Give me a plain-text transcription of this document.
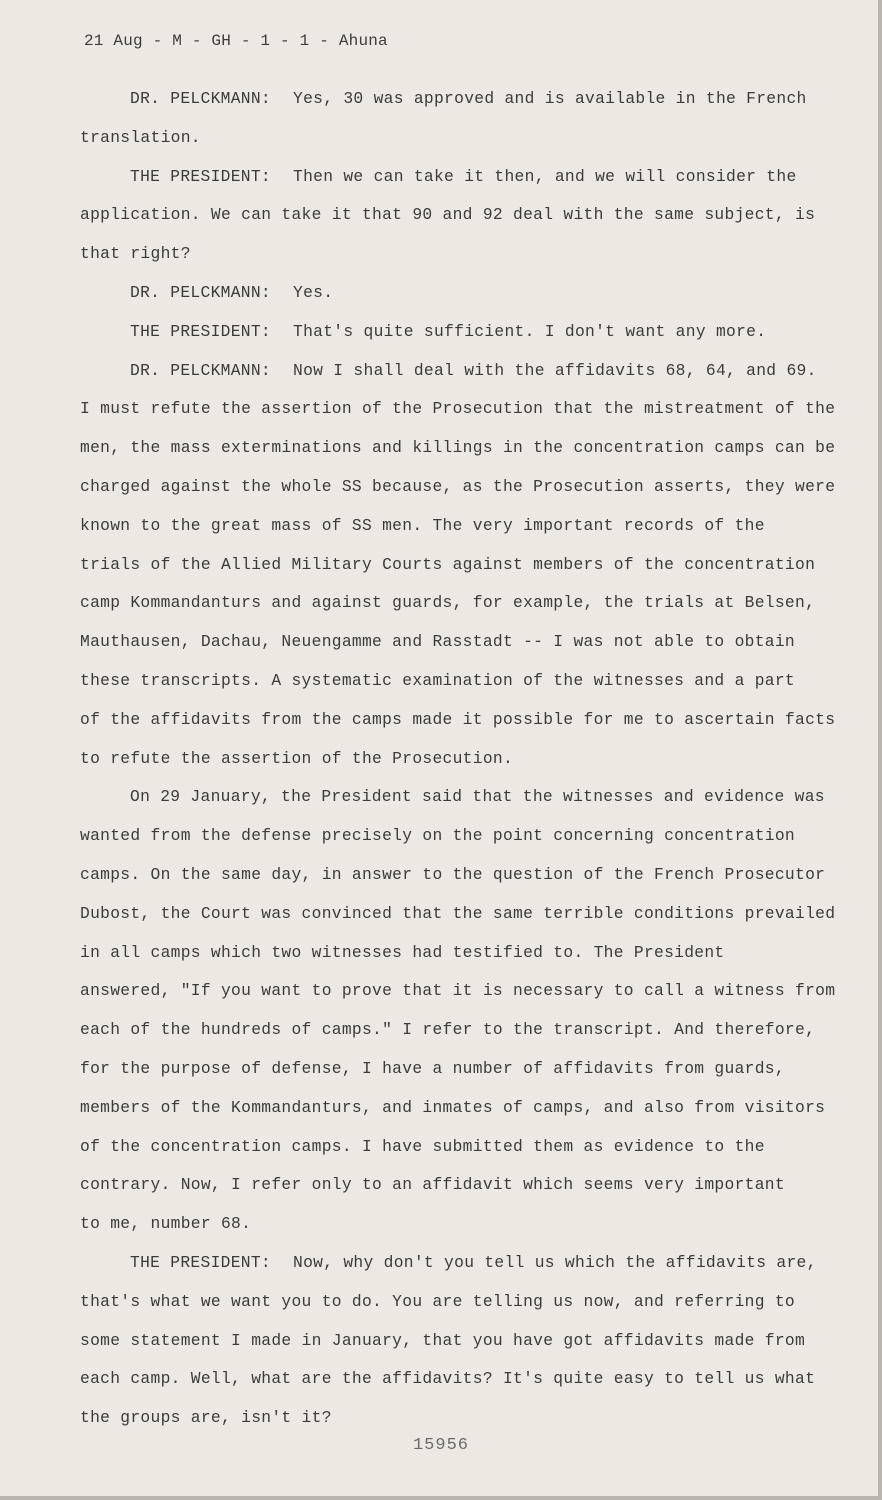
21 Aug - M - GH - 1 - 1 - Ahuna
DR. PELCKMANN: Yes, 30 was approved and is available in the French
translation.
THE PRESIDENT: Then we can take it then, and we will consider the
application. We can take it that 90 and 92 deal with the same subject, is
that right?
DR. PELCKMANN: Yes.
THE PRESIDENT: That's quite sufficient. I don't want any more.
DR. PELCKMANN: Now I shall deal with the affidavits 68, 64, and 69.
I must refute the assertion of the Prosecution that the mistreatment of the
men, the mass exterminations and killings in the concentration camps can be
charged against the whole SS because, as the Prosecution asserts, they were
known to the great mass of SS men. The very important records of the
trials of the Allied Military Courts against members of the concentration
camp Kommandanturs and against guards, for example, the trials at Belsen,
Mauthausen, Dachau, Neuengamme and Rasstadt -- I was not able to obtain
these transcripts. A systematic examination of the witnesses and a part
of the affidavits from the camps made it possible for me to ascertain facts
to refute the assertion of the Prosecution.
On 29 January, the President said that the witnesses and evidence was
wanted from the defense precisely on the point concerning concentration
camps. On the same day, in answer to the question of the French Prosecutor
Dubost, the Court was convinced that the same terrible conditions prevailed
in all camps which two witnesses had testified to. The President
answered, "If you want to prove that it is necessary to call a witness from
each of the hundreds of camps." I refer to the transcript. And therefore,
for the purpose of defense, I have a number of affidavits from guards,
members of the Kommandanturs, and inmates of camps, and also from visitors
of the concentration camps. I have submitted them as evidence to the
contrary. Now, I refer only to an affidavit which seems very important
to me, number 68.
THE PRESIDENT: Now, why don't you tell us which the affidavits are,
that's what we want you to do. You are telling us now, and referring to
some statement I made in January, that you have got affidavits made from
each camp. Well, what are the affidavits? It's quite easy to tell us what
the groups are, isn't it?
15956
